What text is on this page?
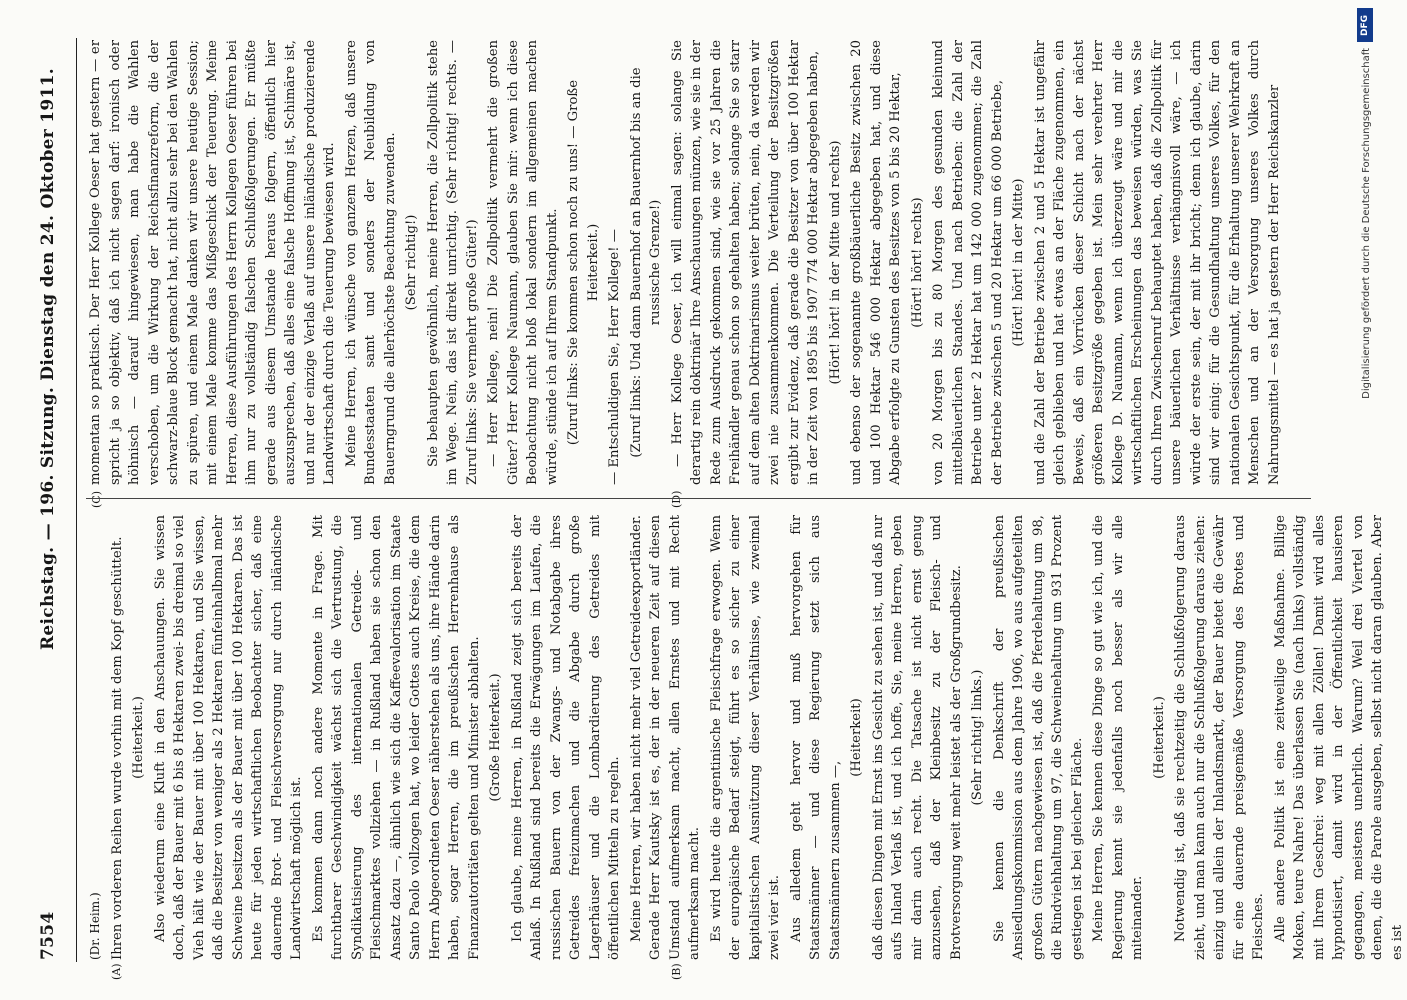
7554
Reichstag. — 196. Sitzung. Dienstag den 24. Oktober 1911.
(A)	(B)
(C)	(D)

(Dr. Heim.) Ihren vorderen Reihen wurde vorhin mit dem Kopf geschüttelt. (Heiterkeit.) Also wiederum eine Kluft in den Anschauungen. Sie wissen doch, daß der Bauer mit 6 bis 8 Hektaren zwei- bis dreimal so viel Vieh hält wie der Bauer mit über 100 Hektaren, und Sie wissen, daß die Besitzer von weniger als 2 Hektaren fünfeinhalbmal mehr Schweine besitzen als der Bauer mit über 100 Hektaren. Das ist heute für jeden wirtschaftlichen Beobachter sicher, daß eine dauernde Brot- und Fleischversorgung nur durch inländische Landwirtschaft möglich ist. Es kommen dann noch andere Momente in Frage. Mit furchtbarer Geschwindigkeit wächst sich die Vertrustung, die Syndikatisierung des internationalen Getreide- und Fleischmarktes vollziehen — in Rußland haben sie schon den Ansatz dazu —, ähnlich wie sich die Kaffeevalorisation im Staate Santo Paolo vollzogen hat, wo leider Gottes auch Kreise, die dem Herrn Abgeordneten Oeser näherstehen als uns, ihre Hände darin haben, sogar Herren, die im preußischen Herrenhause als Finanzautoritäten gelten und Minister abhalten. (Große Heiterkeit.) Ich glaube, meine Herren, in Rußland zeigt sich bereits der Anlaß. In Rußland sind bereits die Erwägungen im Laufen, die russischen Bauern von der Zwangs- und Notabgabe ihres Getreides freizumachen und die Abgabe durch große Lagerhäuser und die Lombardierung des Getreides mit öffentlichen Mitteln zu regeln. Meine Herren, wir haben nicht mehr viel Getreideexportländer. Gerade Herr Kautsky ist es, der in der neueren Zeit auf diesen Umstand aufmerksam macht, allen Ernstes und mit Recht aufmerksam macht. Es wird heute die argentinische Fleischfrage erwogen. Wenn der europäische Bedarf steigt, führt es so sicher zu einer kapitalistischen Ausnützung dieser Verhältnisse, wie zweimal zwei vier ist. Aus alledem geht hervor und muß hervorgehen für Staatsmänner — und diese Regierung setzt sich aus Staatsmännern zusammen —,

(Heiterkeit) daß diesen Dingen mit Ernst ins Gesicht zu sehen ist, und daß nur aufs Inland Verlaß ist, und ich hoffe, Sie, meine Herren, geben mir darin auch recht. Die Tatsache ist nicht ernst genug anzusehen, daß der Kleinbesitz zu der Fleisch- und Brotversorgung weit mehr leistet als der Großgrundbesitz. (Sehr richtig! links.) Sie kennen die Denkschrift der preußischen Ansiedlungskommission aus dem Jahre 1906, wo aus aufgeteilten großen Gütern nachgewiesen ist, daß die Pferdehaltung um 98, die Rindviehhaltung um 97, die Schweinehaltung um 931 Prozent gestiegen ist bei gleicher Fläche. Meine Herren, Sie kennen diese Dinge so gut wie ich, und die Regierung kennt sie jedenfalls noch besser als wir alle miteinander.

(Heiterkeit.) Notwendig ist, daß sie rechtzeitig die Schlußfolgerung daraus zieht, und man kann auch nur die Schlußfolgerung daraus ziehen: einzig und allein der Inlandsmarkt, der Bauer bietet die Gewähr für eine dauernde preisgemäße Versorgung des Brotes und Fleisches. Alle andere Politik ist eine zeitweilige Maßnahme. Billige Moken, teure Nahre! Das überlassen Sie (nach links) vollständig mit Ihrem Geschrei: weg mit allen Zöllen! Damit wird alles hypnotisiert, damit wird in der Öffentlichkeit hausieren gegangen, meistens unehrlich. Warum? Weil drei Viertel von denen, die die Parole ausgeben, selbst nicht daran glauben. Aber es ist

momentan so praktisch. Der Herr Kollege Oeser hat gestern — er spricht ja so objektiv, daß ich nicht sagen darf: ironisch oder höhnisch — darauf hingewiesen, man habe die Wahlen verschoben, um die Wirkung der Reichsfinanzreform, die der schwarz-blaue Block gemacht hat, nicht allzu sehr bei den Wahlen zu spüren, und einem Male danken wir unsere heutige Session; mit einem Male komme das Mißgeschick der Teuerung. Meine Herren, diese Ausführungen des Herrn Kollegen Oeser führen bei ihm nur zu vollständig falschen Schlußfolgerungen. Er müßte gerade aus diesem Umstande heraus folgern, öffentlich hier auszusprechen, daß alles eine falsche Hoffnung ist, Schimäre ist, und nur der einzige Verlaß auf unsere inländische produzierende Landwirtschaft durch die Teuerung bewiesen wird. Meine Herren, ich wünsche von ganzem Herzen, daß unsere Bundesstaaten samt und sonders der Neubildung von Bauerngrund die allerhöchste Beachtung zuwenden. (Sehr richtig!) Sie behaupten gewöhnlich, meine Herren, die Zollpolitik stehe im Wege. Nein, das ist direkt unrichtig. (Sehr richtig! rechts. — Zuruf links: Sie vermehrt große Güter!) — Herr Kollege, nein! Die Zollpolitik vermehrt die großen Güter? Herr Kollege Naumann, glauben Sie mir: wenn ich diese Beobachtung nicht bloß lokal sondern im allgemeinen machen würde, stünde ich auf Ihrem Standpunkt. (Zuruf links: Sie kommen schon noch zu uns! — Große Heiterkeit.) — Entschuldigen Sie, Herr Kollege! — (Zuruf links: Und dann Bauernhof an Bauernhof bis an die russische Grenze!) — Herr Kollege Oeser, ich will einmal sagen: solange Sie derartig rein doktrinär Ihre Anschauungen münzen, wie sie in der Rede zum Ausdruck gekommen sind, wie sie vor 25 Jahren die Freihändler genau schon so gehalten haben; solange Sie so starr auf dem alten Doktrinarismus weiter brüten, nein, da werden wir zwei nie zusammenkommen. Die Verteilung der Besitzgrößen ergibt zur Evidenz, daß gerade die Besitzer von über 100 Hektar in der Zeit von 1895 bis 1907 774 000 Hektar abgegeben haben, (Hört! hört! in der Mitte und rechts) und ebenso der sogenannte großbäuerliche Besitz zwischen 20 und 100 Hektar 546 000 Hektar abgegeben hat, und diese Abgabe erfolgte zu Gunsten des Besitzes von 5 bis 20 Hektar, (Hört! hört! rechts) von 20 Morgen bis zu 80 Morgen des gesunden kleinund mittelbäuerlichen Standes. Und nach Betrieben: die Zahl der Betriebe unter 2 Hektar hat um 142 000 zugenommen; die Zahl der Betriebe zwischen 5 und 20 Hektar um 66 000 Betriebe, (Hört! hört! in der Mitte) und die Zahl der Betriebe zwischen 2 und 5 Hektar ist ungefähr gleich geblieben und hat etwas an der Fläche zugenommen, ein Beweis, daß ein Vorrücken dieser Schicht nach der nächst größeren Besitzgröße gegeben ist. Mein sehr verehrter Herr Kollege D. Naumann, wenn ich überzeugt wäre und mir die wirtschaftlichen Erscheinungen das beweisen würden, was Sie durch Ihren Zwischenruf behauptet haben, daß die Zollpolitik für unsere bäuerlichen Verhältnisse verhängnisvoll wäre, — ich würde der erste sein, der mit ihr bricht; denn ich glaube, darin sind wir einig: für die Gesundhaltung unseres Volkes, für den nationalen Gesichtspunkt, für die Erhaltung unserer Wehrkraft an Menschen und an der Versorgung unseres Volkes durch Nahrungsmittel — es hat ja gestern der Herr Reichskanzler

DFG
Digitalisierung gefördert durch die Deutsche Forschungsgemeinschaft
